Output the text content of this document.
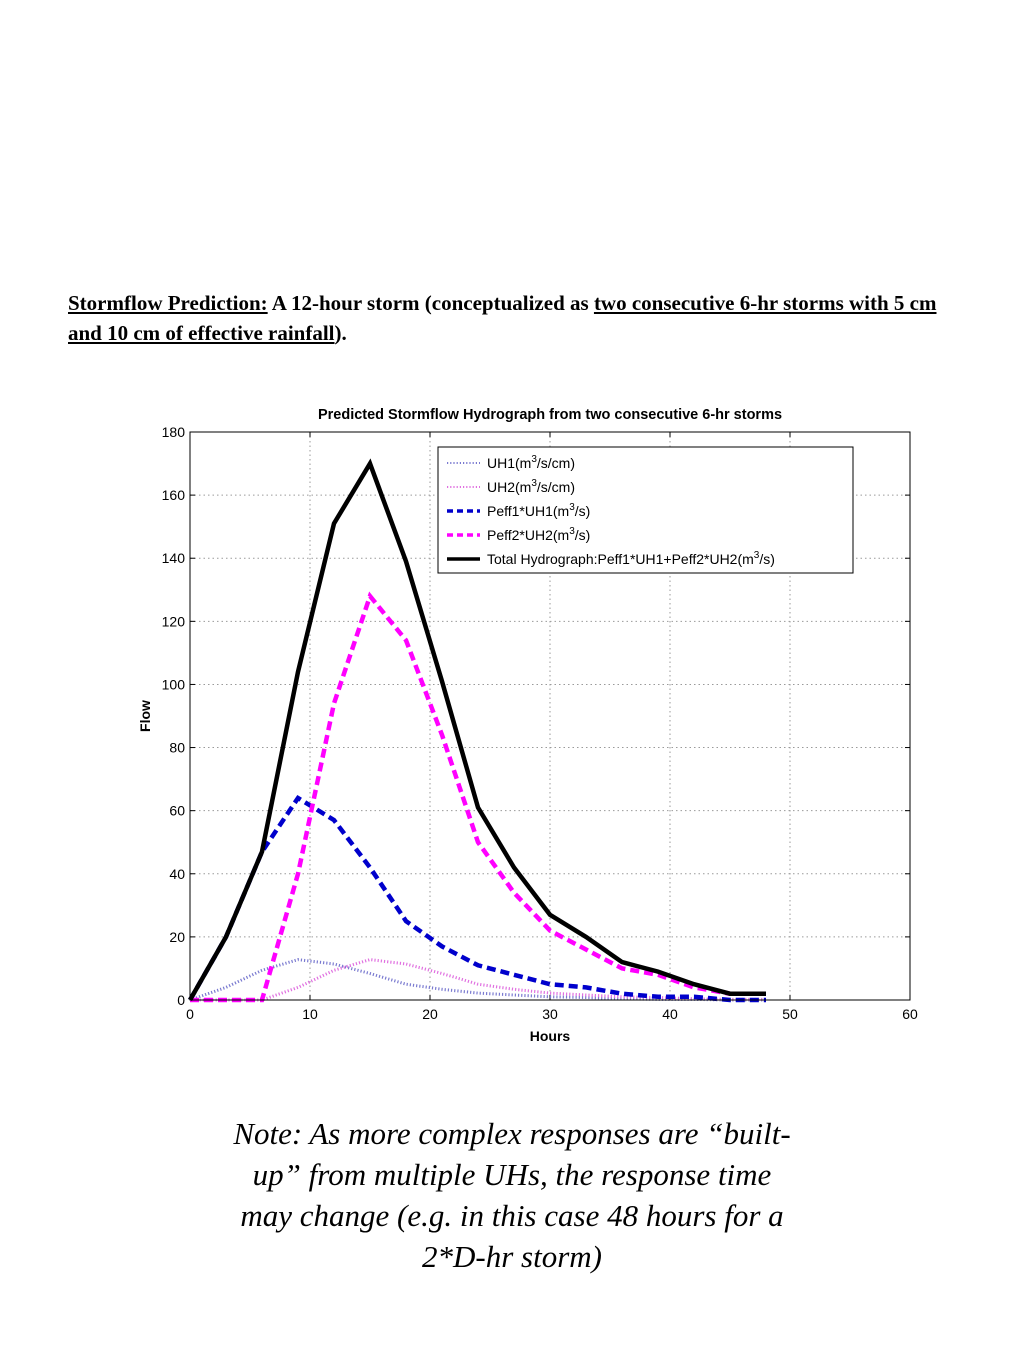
Stormflow Prediction: A 12-hour storm (conceptualized as two consecutive 6-hr storms with 5 cm and 10 cm of effective rainfall).

Predicted Stormflow Hydrograph from two consecutive 6-hr storms
0	10	20	30	40	50	60
0
20
40
60
80
100
120
140
160
180
Hours
Flow
$UH1(m^3/s/cm)$
$UH2(m^3/s/cm)$
$Peff1*UH1(m^3/s)$
$Peff2*UH2(m^3/s)$
Total $Hydrograph:Peff1*UH1+Peff2*UH2(m^3/s)$

Note: As more complex responses are “built-up” from multiple UHs, the response time may change (e.g. in this case 48 hours for a 2*D-hr storm)
